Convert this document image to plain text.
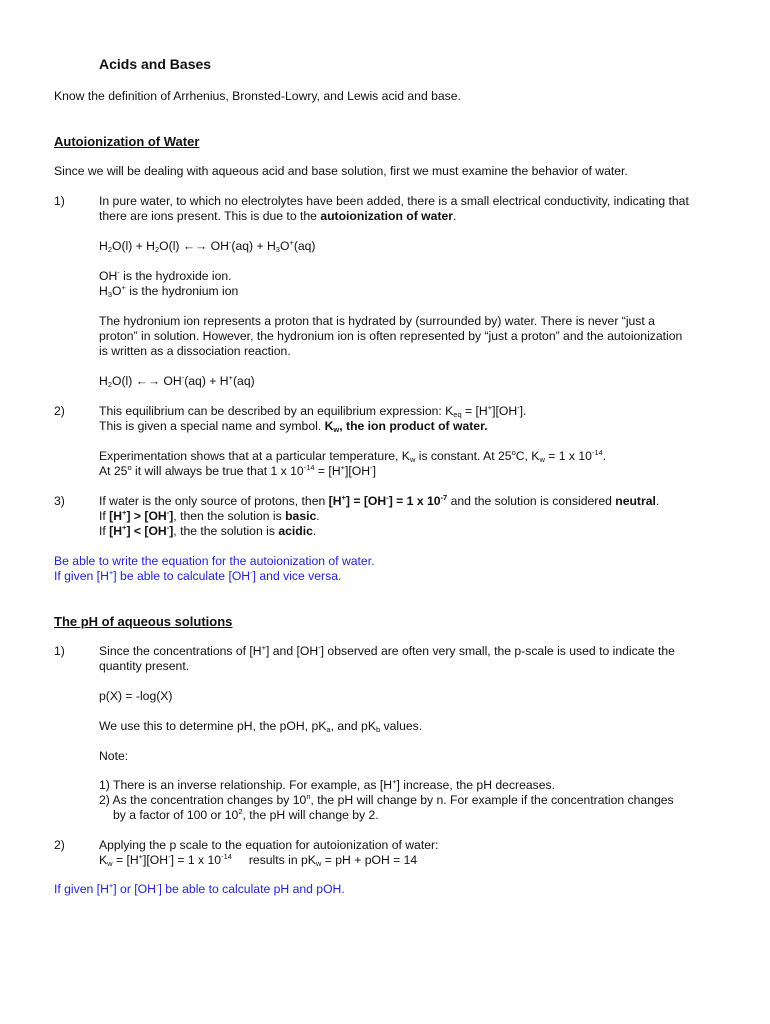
Acids and Bases
Know the definition of Arrhenius, Bronsted-Lowry, and Lewis acid and base.
Autoionization of Water
Since we will be dealing with aqueous acid and base solution, first we must examine the behavior of water.
1)	In pure water, to which no electrolytes have been added, there is a small electrical conductivity, indicating that
there are ions present. This is due to the autoionization of water.
$H_2O(l) + H_2O(l)$ ←→ $OH^-(aq) + H_3O^+(aq)$
OH- is the hydroxide ion.
$H_3O^+$ is the hydronium ion
The hydronium ion represents a proton that is hydrated by (surrounded by) water. There is never “just a
proton” in solution. However, the hydronium ion is often represented by “just a proton” and the autoionization
is written as a dissociation reaction.
$H_2O(l)$ ←→ OH-(aq) + H+(aq)
2)	This equilibrium can be described by an equilibrium expression: $K_{eq} = [H^+][OH^-]$.
This is given a special name and symbol. $K_w$, the ion product of water.
Experimentation shows that at a particular temperature, $K_w$ is constant. At 25$^o$C, $K_w = 1$ x $10^{-14}$.
At 25$^o$ it will always be true that 1 x $10^{-14} = [H^+][OH^-]$
3)	If water is the only source of protons, then [H+] = [OH-] = 1 x $10^{-7}$ and the solution is considered neutral.
If [H+] > [OH-], then the solution is basic.
If [H+] < [OH-], the the solution is acidic.
Be able to write the equation for the autoionization of water.
If given [H+] be able to calculate [OH-] and vice versa.
The pH of aqueous solutions
1)	Since the concentrations of [H+] and [OH-] observed are often very small, the p-scale is used to indicate the
quantity present.
p(X) = -log(X)
We use this to determine pH, the pOH, $pK_a$, and $pK_b$ values.
Note:
1) There is an inverse relationship. For example, as [H+] increase, the pH decreases.
2) As the concentration changes by 10$^n$, the pH will change by n. For example if the concentration changes
by a factor of 100 or $10^2$, the pH will change by 2.
2)	Applying the p scale to the equation for autoionization of water:
$K_w = [H^+][OH^-] = 1$ x $10^{-14}$     results in $pK_w$ = pH + pOH = 14
If given [H+] or [OH-] be able to calculate pH and pOH.
